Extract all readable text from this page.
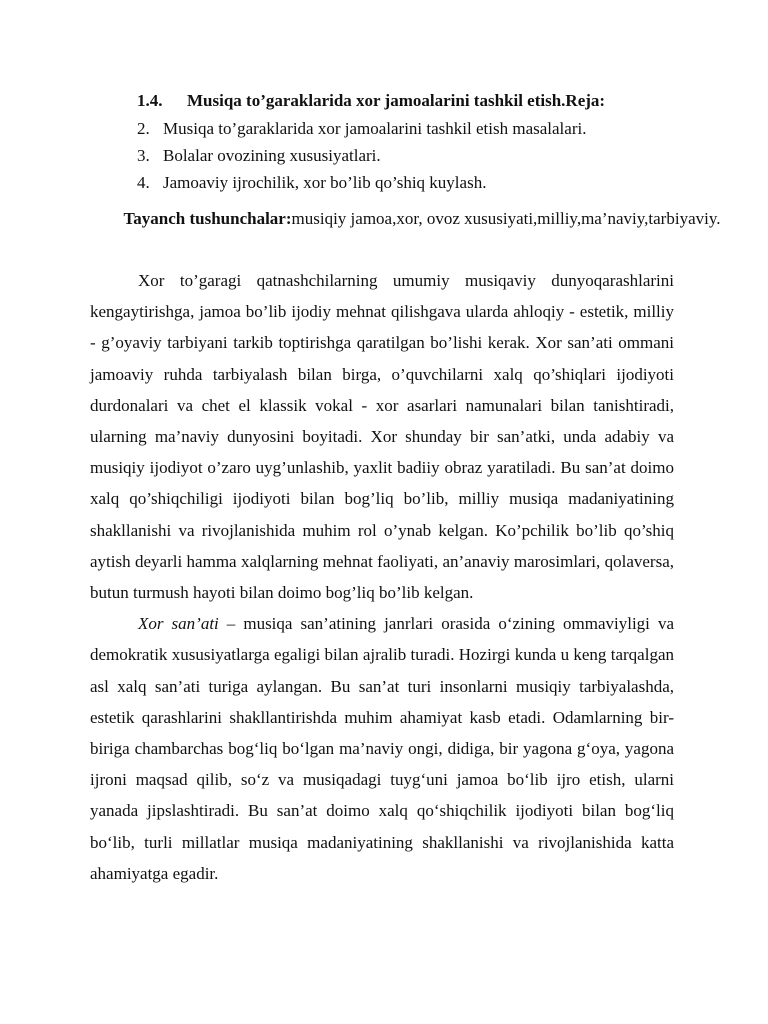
1.4. Musiqa to’garaklarida xor jamoalarini tashkil etish.Reja:
2. Musiqa to’garaklarida xor jamoalarini tashkil etish masalalari.
3. Bolalar ovozining xususiyatlari.
4. Jamoaviy ijrochilik, xor bo’lib qo’shiq kuylash.
Tayanch tushunchalar:musiqiy jamoa,xor, ovoz xususiyati,milliy,ma’naviy,tarbiyaviy.

Xor to’garagi qatnashchilarning umumiy musiqaviy dunyoqarashlarini kengaytirishga, jamoa bo’lib ijodiy mehnat qilishgava ularda ahloqiy - estetik, milliy - g’oyaviy tarbiyani tarkib toptirishga qaratilgan bo’lishi kerak. Xor san’ati ommani jamoaviy ruhda tarbiyalash bilan birga, o’quvchilarni xalq qo’shiqlari ijodiyoti durdonalari va chet el klassik vokal - xor asarlari namunalari bilan tanishtiradi, ularning ma’naviy dunyosini boyitadi. Xor shunday bir san’atki, unda adabiy va musiqiy ijodiyot o’zaro uyg’unlashib, yaxlit badiiy obraz yaratiladi. Bu san’at doimo xalq qo’shiqchiligi ijodiyoti bilan bog’liq bo’lib, milliy musiqa madaniyatining shakllanishi va rivojlanishida muhim rol o’ynab kelgan. Ko’pchilik bo’lib qo’shiq aytish deyarli hamma xalqlarning mehnat faoliyati, an’anaviy marosimlari, qolaversa, butun turmush hayoti bilan doimo bog’liq bo’lib kelgan.

Xor san’ati – musiqa san’atining janrlari orasida o‘zining ommaviyligi va demokratik xususiyatlarga egaligi bilan ajralib turadi. Hozirgi kunda u keng tarqalgan asl xalq san’ati turiga aylangan. Bu san’at turi insonlarni musiqiy tarbiyalashda, estetik qarashlarini shakllantirishda muhim ahamiyat kasb etadi. Odamlarning bir-biriga chambarchas bog‘liq bo‘lgan ma’naviy ongi, didiga, bir yagona g‘oya, yagona ijroni maqsad qilib, so‘z va musiqadagi tuyg‘uni jamoa bo‘lib ijro etish, ularni yanada jipslashtiradi. Bu san’at doimo xalq qo‘shiqchilik ijodiyoti bilan bog‘liq bo‘lib, turli millatlar musiqa madaniyatining shakllanishi va rivojlanishida katta ahamiyatga egadir.
